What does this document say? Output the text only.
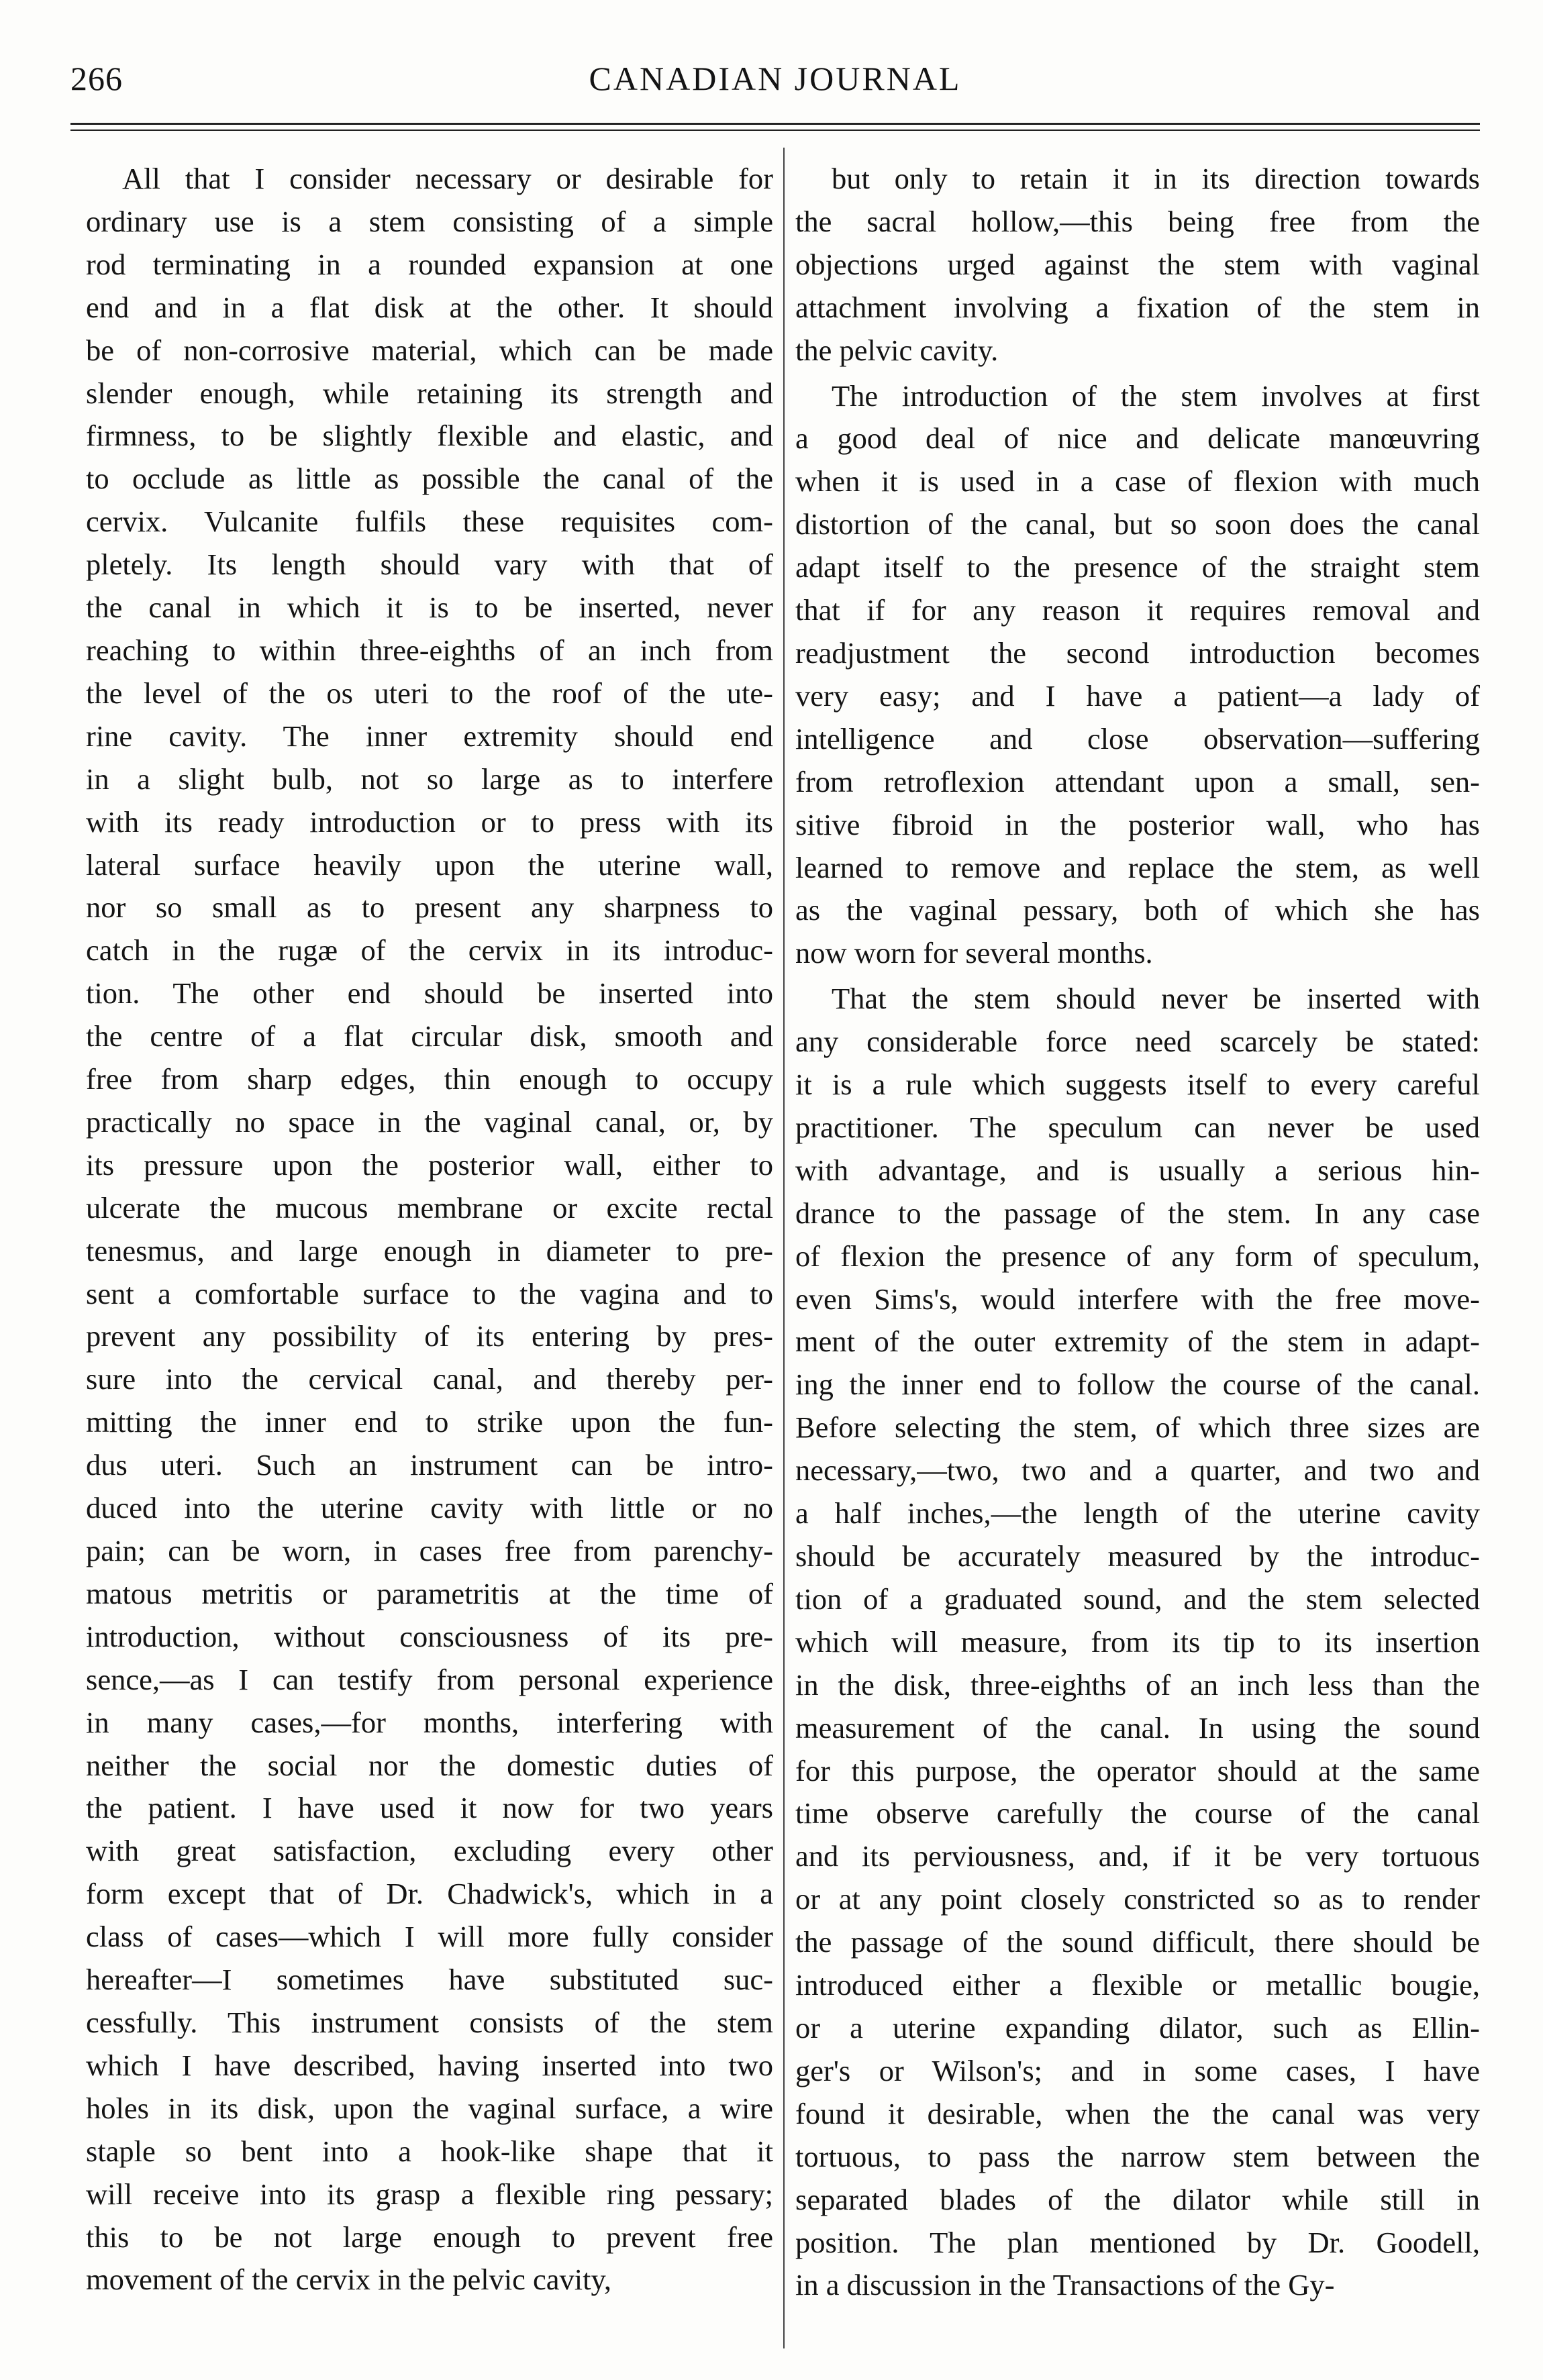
266	CANADIAN JOURNAL
All that I consider necessary or desirable for
ordinary use is a stem consisting of a simple
rod terminating in a rounded expansion at one
end and in a flat disk at the other. It should
be of non-corrosive material, which can be made
slender enough, while retaining its strength and
firmness, to be slightly flexible and elastic, and
to occlude as little as possible the canal of the
cervix. Vulcanite fulfils these requisites com-
pletely. Its length should vary with that of
the canal in which it is to be inserted, never
reaching to within three-eighths of an inch from
the level of the os uteri to the roof of the ute-
rine cavity. The inner extremity should end
in a slight bulb, not so large as to interfere
with its ready introduction or to press with its
lateral surface heavily upon the uterine wall,
nor so small as to present any sharpness to
catch in the rugæ of the cervix in its introduc-
tion. The other end should be inserted into
the centre of a flat circular disk, smooth and
free from sharp edges, thin enough to occupy
practically no space in the vaginal canal, or, by
its pressure upon the posterior wall, either to
ulcerate the mucous membrane or excite rectal
tenesmus, and large enough in diameter to pre-
sent a comfortable surface to the vagina and to
prevent any possibility of its entering by pres-
sure into the cervical canal, and thereby per-
mitting the inner end to strike upon the fun-
dus uteri. Such an instrument can be intro-
duced into the uterine cavity with little or no
pain; can be worn, in cases free from parenchy-
matous metritis or parametritis at the time of
introduction, without consciousness of its pre-
sence,—as I can testify from personal experience
in many cases,—for months, interfering with
neither the social nor the domestic duties of
the patient. I have used it now for two years
with great satisfaction, excluding every other
form except that of Dr. Chadwick's, which in a
class of cases—which I will more fully consider
hereafter—I sometimes have substituted suc-
cessfully. This instrument consists of the stem
which I have described, having inserted into two
holes in its disk, upon the vaginal surface, a wire
staple so bent into a hook-like shape that it
will receive into its grasp a flexible ring pessary;
this to be not large enough to prevent free
movement of the cervix in the pelvic cavity,
but only to retain it in its direction towards
the sacral hollow,—this being free from the
objections urged against the stem with vaginal
attachment involving a fixation of the stem in
the pelvic cavity.
The introduction of the stem involves at first
a good deal of nice and delicate manœuvring
when it is used in a case of flexion with much
distortion of the canal, but so soon does the canal
adapt itself to the presence of the straight stem
that if for any reason it requires removal and
readjustment the second introduction becomes
very easy; and I have a patient—a lady of
intelligence and close observation—suffering
from retroflexion attendant upon a small, sen-
sitive fibroid in the posterior wall, who has
learned to remove and replace the stem, as well
as the vaginal pessary, both of which she has
now worn for several months.
That the stem should never be inserted with
any considerable force need scarcely be stated:
it is a rule which suggests itself to every careful
practitioner. The speculum can never be used
with advantage, and is usually a serious hin-
drance to the passage of the stem. In any case
of flexion the presence of any form of speculum,
even Sims's, would interfere with the free move-
ment of the outer extremity of the stem in adapt-
ing the inner end to follow the course of the canal.
Before selecting the stem, of which three sizes are
necessary,—two, two and a quarter, and two and
a half inches,—the length of the uterine cavity
should be accurately measured by the introduc-
tion of a graduated sound, and the stem selected
which will measure, from its tip to its insertion
in the disk, three-eighths of an inch less than the
measurement of the canal. In using the sound
for this purpose, the operator should at the same
time observe carefully the course of the canal
and its perviousness, and, if it be very tortuous
or at any point closely constricted so as to render
the passage of the sound difficult, there should be
introduced either a flexible or metallic bougie,
or a uterine expanding dilator, such as Ellin-
ger's or Wilson's; and in some cases, I have
found it desirable, when the the canal was very
tortuous, to pass the narrow stem between the
separated blades of the dilator while still in
position. The plan mentioned by Dr. Goodell,
in a discussion in the Transactions of the Gy-
